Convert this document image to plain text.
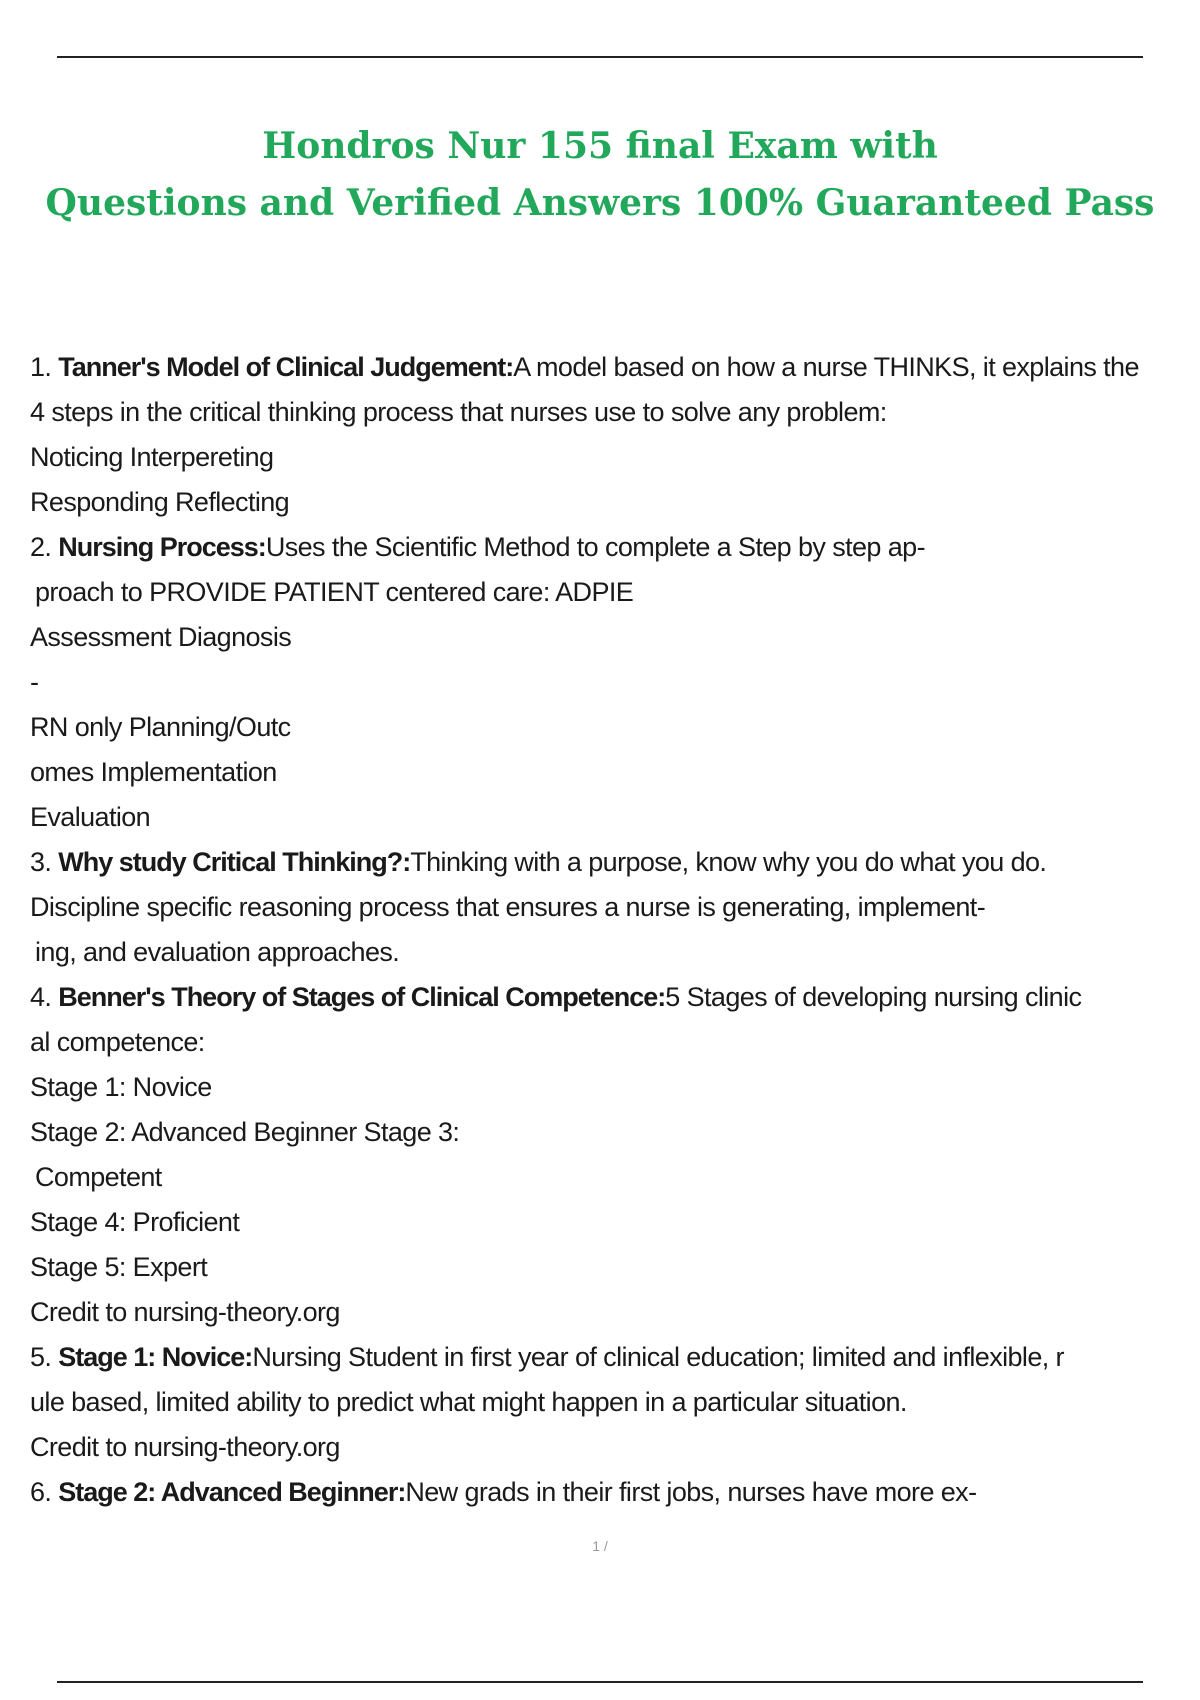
Hondros Nur 155 final Exam with
Questions and Verified Answers 100% Guaranteed Pass
1. Tanner's Model of Clinical Judgement:A model based on how a nurse THINKS, it explains the
4 steps in the critical thinking process that nurses use to solve any problem:
Noticing Interpereting
Responding Reflecting
2. Nursing Process:Uses the Scientific Method to complete a Step by step ap-
proach to PROVIDE PATIENT centered care: ADPIE
Assessment Diagnosis
-
RN only Planning/Outc
omes Implementation
Evaluation
3. Why study Critical Thinking?:Thinking with a purpose, know why you do what you do.
Discipline specific reasoning process that ensures a nurse is generating, implement-
ing, and evaluation approaches.
4. Benner's Theory of Stages of Clinical Competence:5 Stages of developing nursing clinic
al competence:
Stage 1: Novice
Stage 2: Advanced Beginner Stage 3:
Competent
Stage 4: Proficient
Stage 5: Expert
Credit to nursing-theory.org
5. Stage 1: Novice:Nursing Student in first year of clinical education; limited and inflexible, r
ule based, limited ability to predict what might happen in a particular situation.
Credit to nursing-theory.org
6. Stage 2: Advanced Beginner:New grads in their first jobs, nurses have more ex-
1 /
